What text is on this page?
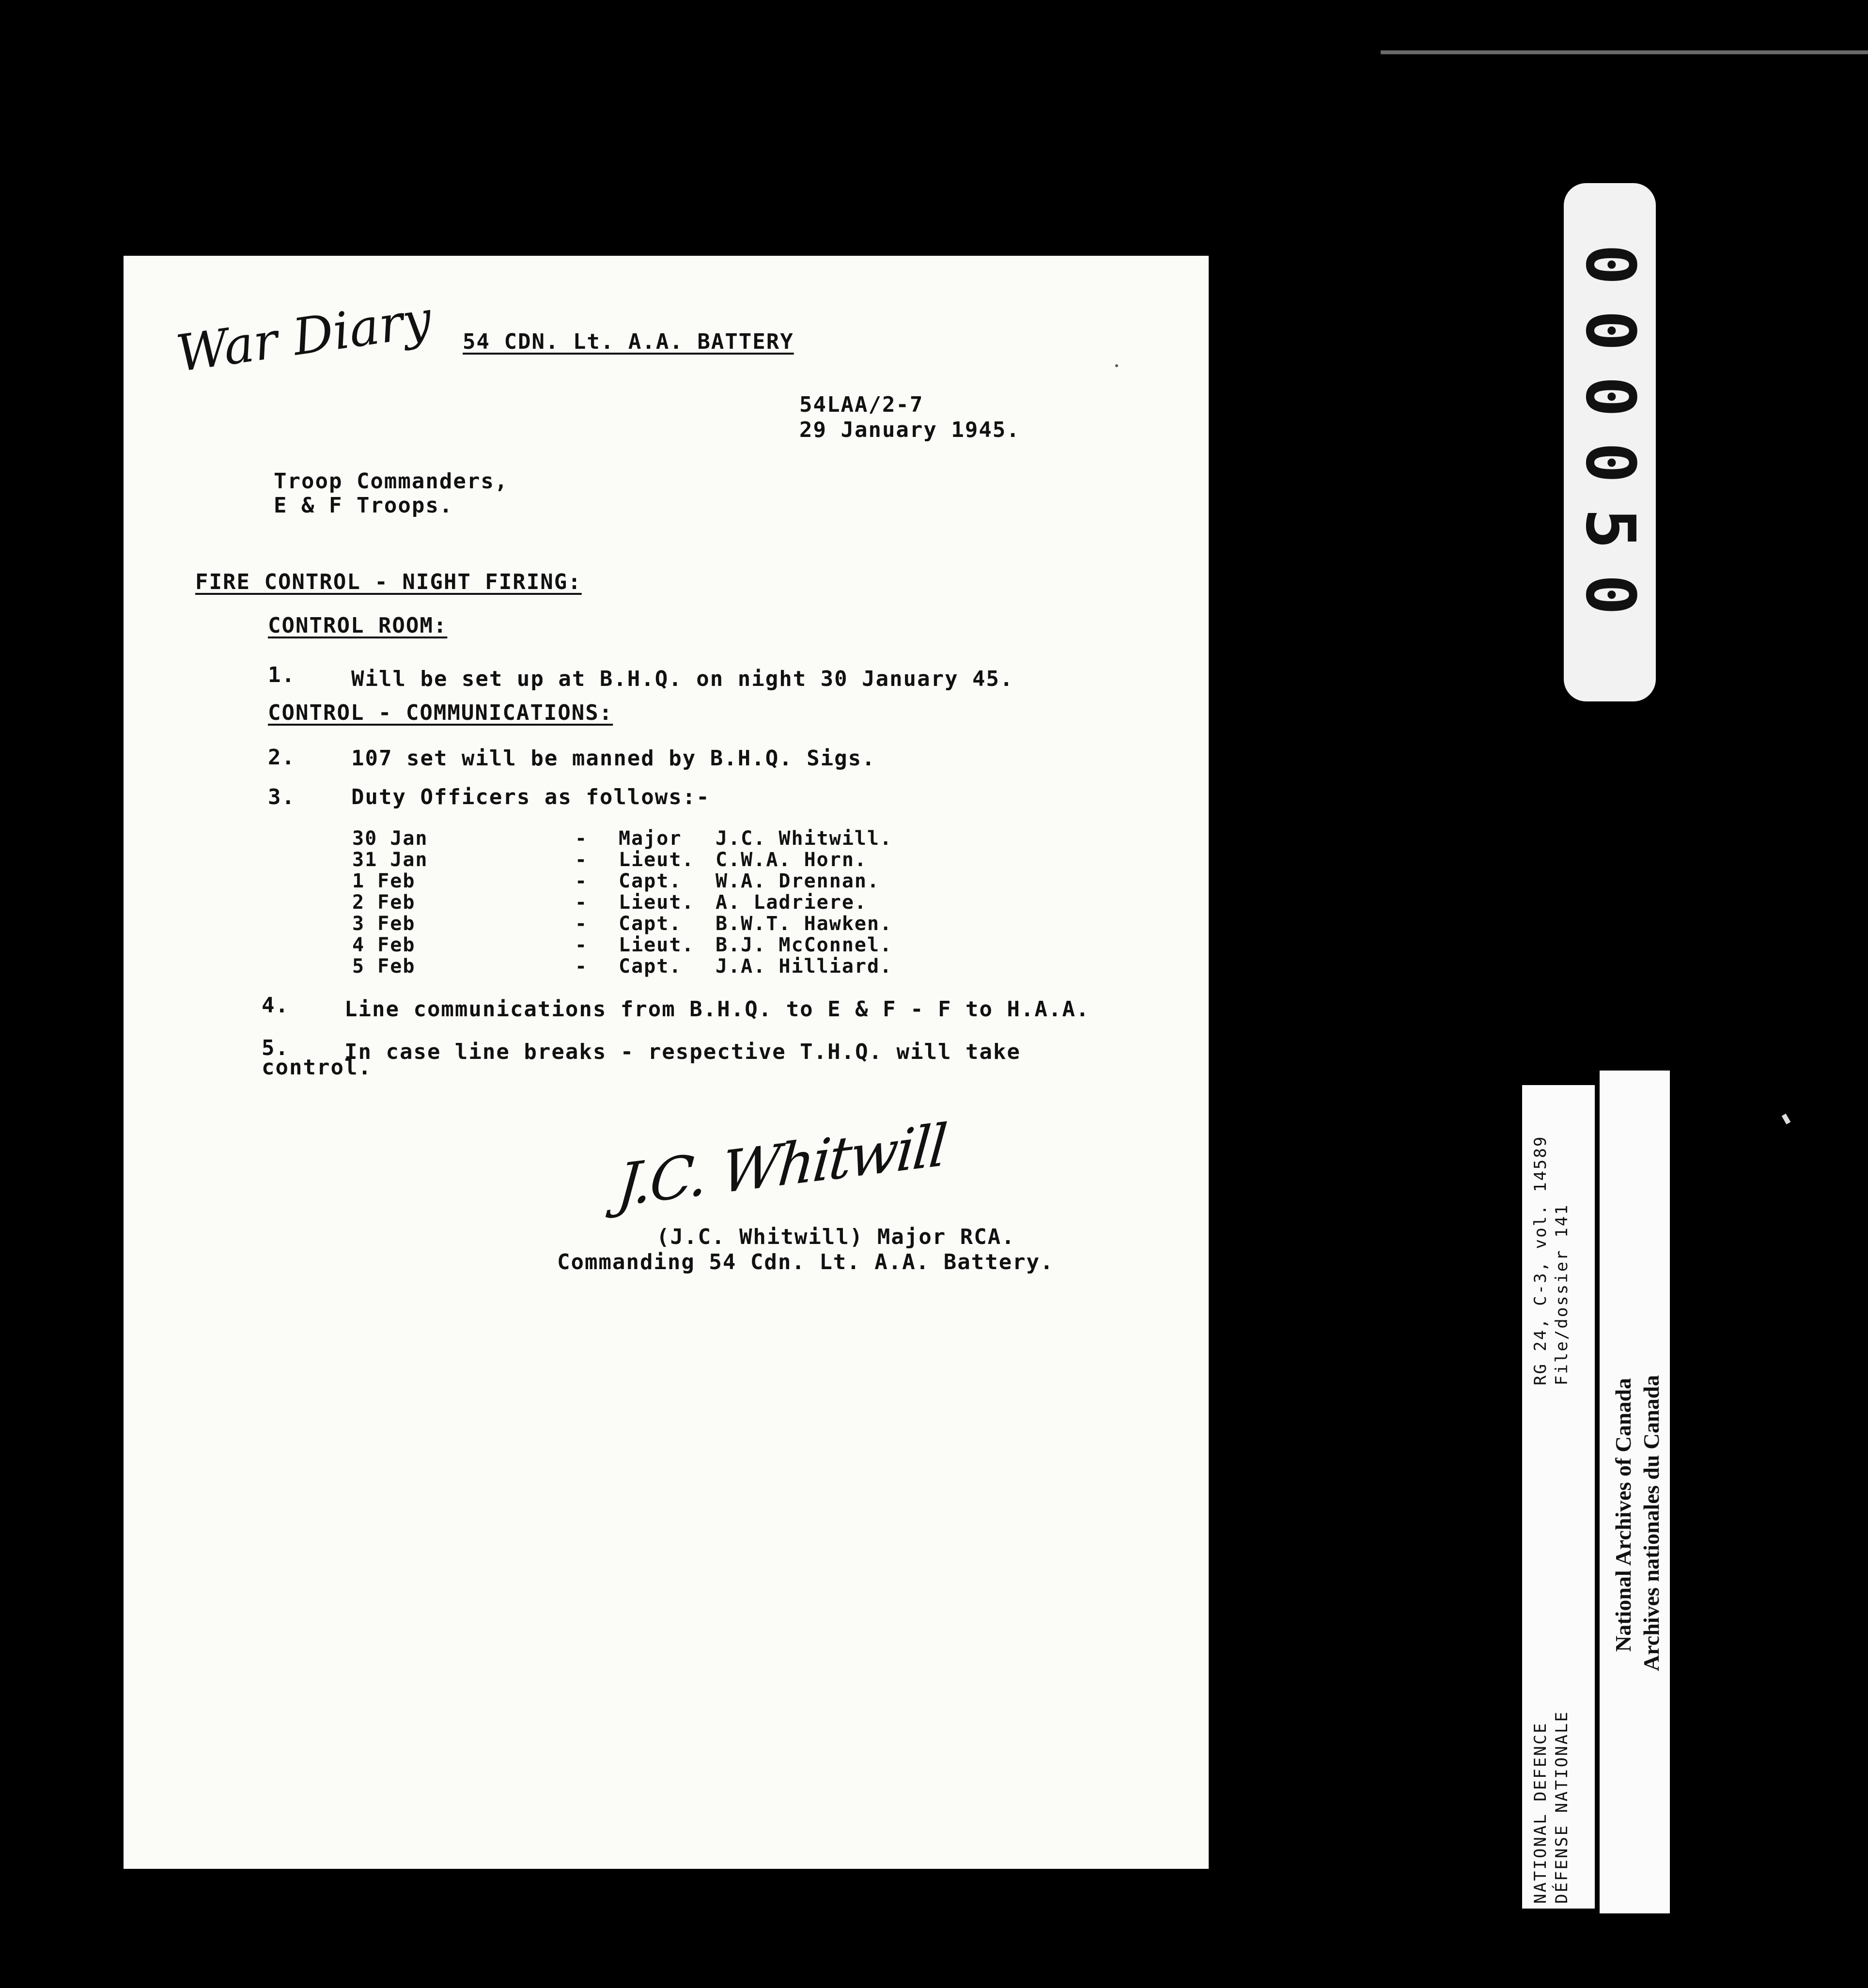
War Diary 54 CDN. Lt. A.A. BATTERY
54LAA/2-7
29 January 1945.
Troop Commanders,
E & F Troops.
FIRE CONTROL - NIGHT FIRING:
CONTROL ROOM:
1.	Will be set up at B.H.Q. on night 30 January 45.
CONTROL - COMMUNICATIONS:
2.	107 set will be manned by B.H.Q. Sigs.
3.	Duty Officers as follows:-
30 Jan	- Major J.C. Whitwill.
31 Jan	- Lieut. C.W.A. Horn.
1 Feb	- Capt. W.A. Drennan.
2 Feb	- Lieut. A. Ladriere.
3 Feb	- Capt. B.W.T. Hawken.
4 Feb	- Lieut. B.J. McConnel.
5 Feb	- Capt. J.A. Hilliard.
4.	Line communications from B.H.Q. to E & F - F to H.A.A.
5.	In case line breaks - respective T.H.Q. will take
control.
J.C. Whitwill
(J.C. Whitwill) Major RCA.
Commanding 54 Cdn. Lt. A.A. Battery.
000050
RG 24, C-3, vol. 14589 File/dossier 141
NATIONAL DEFENCE DÉFENSE NATIONALE
National Archives of Canada Archives nationales du Canada
